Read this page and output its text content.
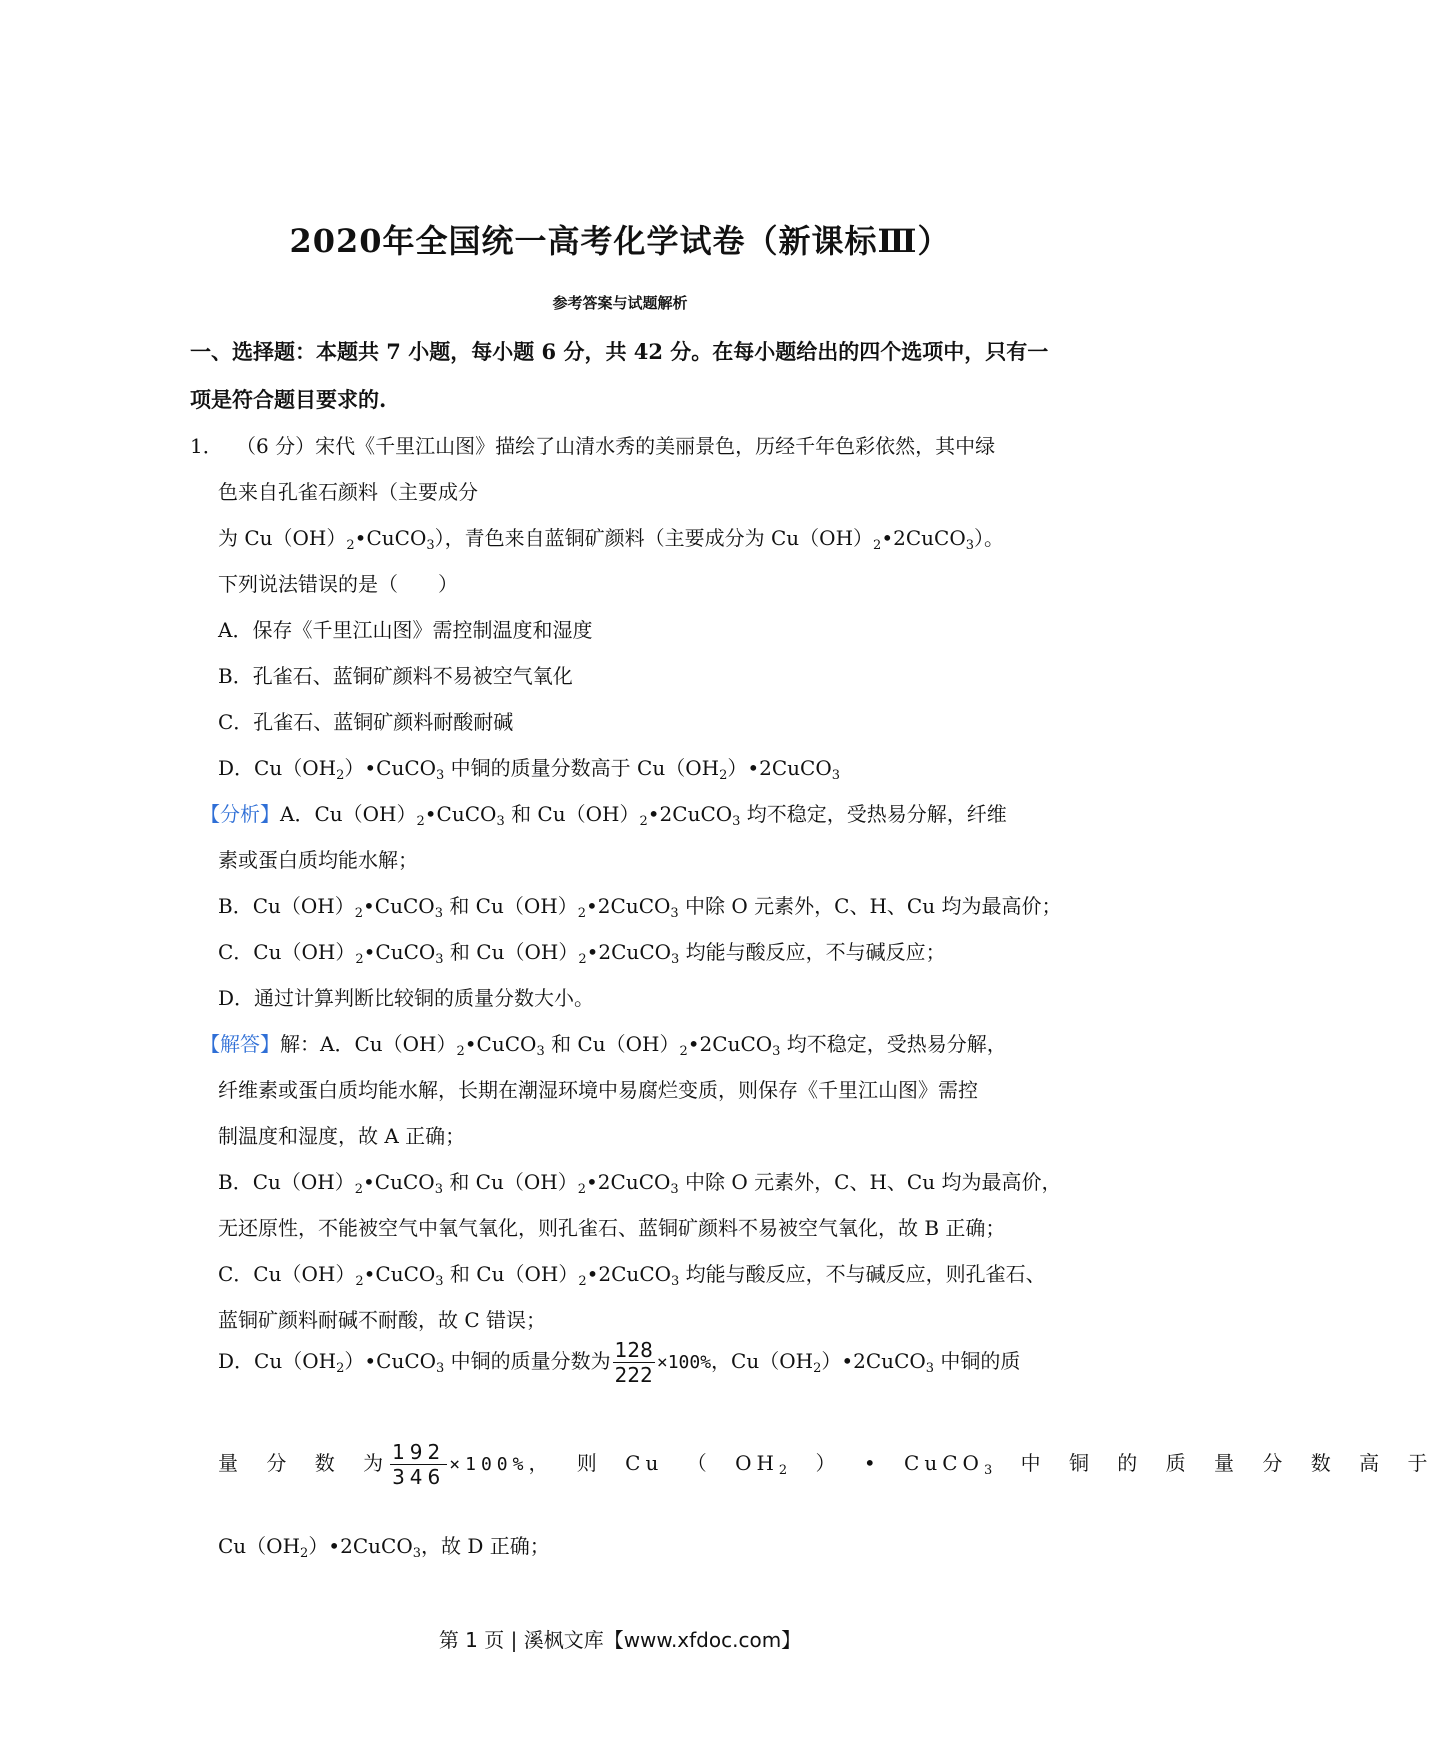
2020年全国统一高考化学试卷（新课标Ⅲ）
参考答案与试题解析
一、选择题：本题共 7 小题，每小题 6 分，共 42 分。在每小题给出的四个选项中，只有一
项是符合题目要求的.
1． （6 分）宋代《千里江山图》描绘了山清水秀的美丽景色，历经千年色彩依然，其中绿
色来自孔雀石颜料（主要成分
为 $Cu(OH)_2•CuCO_3$），青色来自蓝铜矿颜料（主要成分为 $Cu(OH)_2•2CuCO_3$）。
下列说法错误的是（　　）
A．保存《千里江山图》需控制温度和湿度
B．孔雀石、蓝铜矿颜料不易被空气氧化
C．孔雀石、蓝铜矿颜料耐酸耐碱
D．$Cu(OH_2)•CuCO_3$ 中铜的质量分数高于 $Cu(OH_2)•2CuCO_3$
【分析】A．$Cu(OH)_2•CuCO_3$ 和 $Cu(OH)_2•2CuCO_3$ 均不稳定，受热易分解，纤维
素或蛋白质均能水解；
B．$Cu(OH)_2•CuCO_3$ 和 $Cu(OH)_2•2CuCO_3$ 中除 O 元素外，C、H、Cu 均为最高价；
C．$Cu(OH)_2•CuCO_3$ 和 $Cu(OH)_2•2CuCO_3$ 均能与酸反应，不与碱反应；
D．通过计算判断比较铜的质量分数大小。
【解答】解：A．$Cu(OH)_2•CuCO_3$ 和 $Cu(OH)_2•2CuCO_3$ 均不稳定，受热易分解，
纤维素或蛋白质均能水解，长期在潮湿环境中易腐烂变质，则保存《千里江山图》需控
制温度和湿度，故 A 正确；
B．$Cu(OH)_2•CuCO_3$ 和 $Cu(OH)_2•2CuCO_3$ 中除 O 元素外，C、H、Cu 均为最高价，
无还原性，不能被空气中氧气氧化，则孔雀石、蓝铜矿颜料不易被空气氧化，故 B 正确；
C．$Cu(OH)_2•CuCO_3$ 和 $Cu(OH)_2•2CuCO_3$ 均能与酸反应，不与碱反应，则孔雀石、
蓝铜矿颜料耐碱不耐酸，故 C 错误；
D．$Cu(OH_2)•CuCO_3$ 中铜的质量分数为 $\frac{128}{222} \times 100\%$，$Cu(OH_2)•2CuCO_3$ 中铜的质
量 分 数 为 $\frac{192}{346} \times 100\%$， 则 Cu （ $OH_2$ ） • CuCO$_3$ 中 铜 的 质 量 分 数 高 于
$Cu(OH_2)•2CuCO_3$，故 D 正确；
第 1 页 | 溪枫文库【www.xfdoc.com】
